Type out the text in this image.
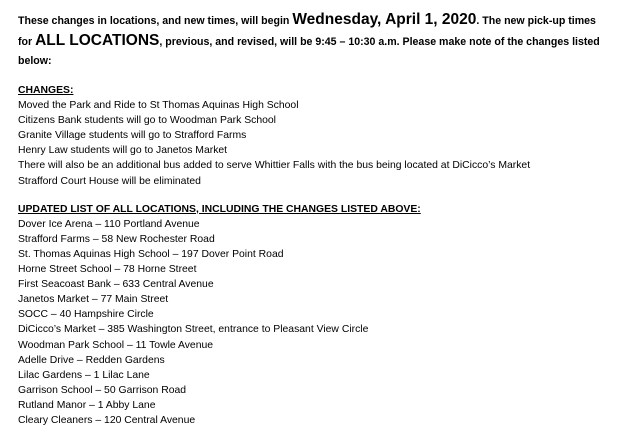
These changes in locations, and new times, will begin Wednesday, April 1, 2020. The new pick-up times for ALL LOCATIONS, previous, and revised, will be 9:45 – 10:30 a.m. Please make note of the changes listed below:

CHANGES:
Moved the Park and Ride to St Thomas Aquinas High School
Citizens Bank students will go to Woodman Park School
Granite Village students will go to Strafford Farms
Henry Law students will go to Janetos Market
There will also be an additional bus added to serve Whittier Falls with the bus being located at DiCicco’s Market
Strafford Court House will be eliminated
UPDATED LIST OF ALL LOCATIONS, INCLUDING THE CHANGES LISTED ABOVE:
Dover Ice Arena – 110 Portland Avenue
Strafford Farms – 58 New Rochester Road
St. Thomas Aquinas High School – 197 Dover Point Road
Horne Street School – 78 Horne Street
First Seacoast Bank – 633 Central Avenue
Janetos Market – 77 Main Street
SOCC – 40 Hampshire Circle
DiCicco’s Market – 385 Washington Street, entrance to Pleasant View Circle
Woodman Park School – 11 Towle Avenue
Adelle Drive – Redden Gardens
Lilac Gardens – 1 Lilac Lane
Garrison School – 50 Garrison Road
Rutland Manor – 1 Abby Lane
Cleary Cleaners – 120 Central Avenue
